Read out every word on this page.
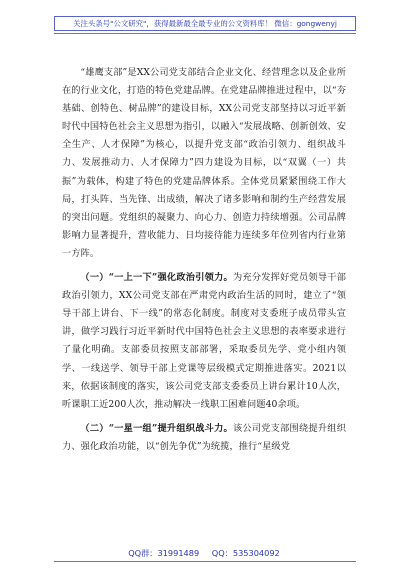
关注头条号"公文研究"，获得最新最全最专业的公文资料库！ 微信：gongwenyj

“雄鹰支部”是XX公司党支部结合企业文化、经营理念以及企业所在的行业文化，打造的特色党建品牌。在党建品牌推进过程中，以“夯基础、创特色、树品牌”的建设目标，XX公司党支部坚持以习近平新时代中国特色社会主义思想为指引，以融入“发展战略、创新创效、安全生产、人才保障”为核心，以提升党支部“政治引领力、组织战斗力、发展推动力、人才保障力”四力建设为目标，以“双翼（一）共振”为载体，构建了特色的党建品牌体系。全体党员紧紧围绕工作大局，打头阵、当先锋、出成绩，解决了诸多影响和制约生产经营发展的突出问题。党组织的凝聚力、向心力、创造力持续增强。公司品牌影响力显著提升，营收能力、日均接待能力连续多年位列省内行业第一方阵。

（一）“一上一下”强化政治引领力。为充分发挥好党员领导干部政治引领力，XX公司党支部在严肃党内政治生活的同时，建立了“领导干部上讲台、下一线”的常态化制度。制度对支委班子成员带头宣讲，做学习践行习近平新时代中国特色社会主义思想的表率要求进行了量化明确。支部委员按照支部部署，采取委员先学、党小组内领学、一线送学、领导干部上党课等层级模式定期推进落实。2021以来，依据该制度的落实，该公司党支部支委委员上讲台累计10人次，听课职工近200人次，推动解决一线职工困难问题40余项。

（二）“一星一组”提升组织战斗力。该公司党支部围绕提升组织力、强化政治功能，以“创先争优”为统揽，推行“星级党

QQ群：31991489 QQ：535304092
